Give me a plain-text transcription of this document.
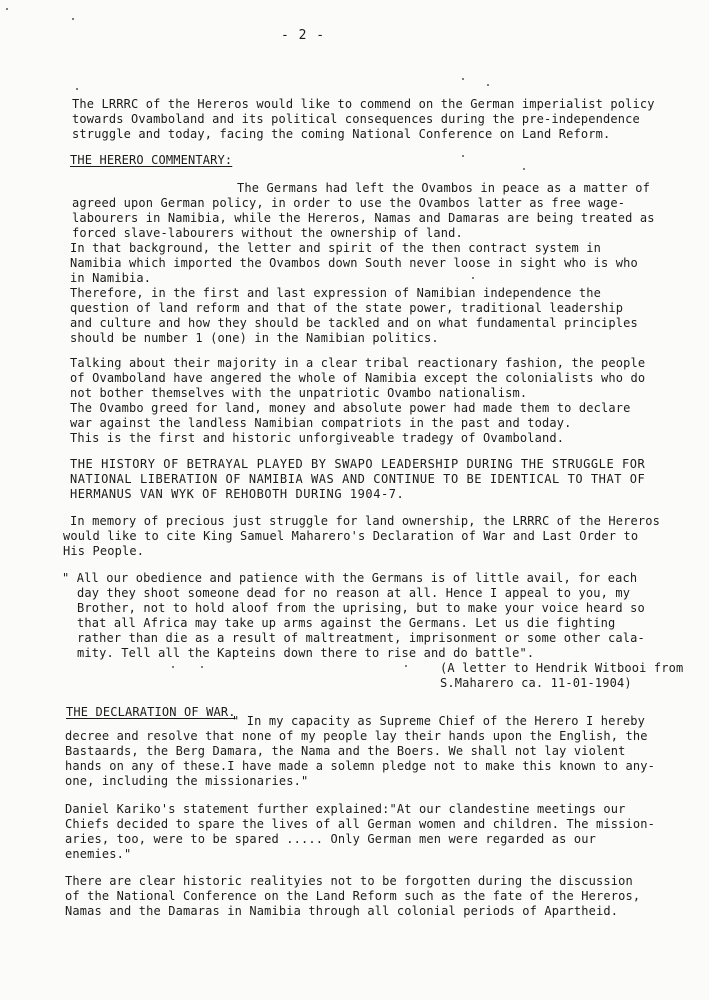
- 2 -
The LRRRC of the Hereros would like to commend on the German imperialist policy
towards Ovamboland and its political consequences during the pre-independence
struggle and today, facing the coming National Conference on Land Reform.
THE HERERO COMMENTARY:
The Germans had left the Ovambos in peace as a matter of
agreed upon German policy, in order to use the Ovambos latter as free wage-
labourers in Namibia, while the Hereros, Namas and Damaras are being treated as
forced slave-labourers without the ownership of land.
In that background, the letter and spirit of the then contract system in
Namibia which imported the Ovambos down South never loose in sight who is who
in Namibia.
Therefore, in the first and last expression of Namibian independence the
question of land reform and that of the state power, traditional leadership
and culture and how they should be tackled and on what fundamental principles
should be number 1 (one) in the Namibian politics.
Talking about their majority in a clear tribal reactionary fashion, the people
of Ovamboland have angered the whole of Namibia except the colonialists who do
not bother themselves with the unpatriotic Ovambo nationalism.
The Ovambo greed for land, money and absolute power had made them to declare
war against the landless Namibian compatriots in the past and today.
This is the first and historic unforgiveable tradegy of Ovamboland.
THE HISTORY OF BETRAYAL PLAYED BY SWAPO LEADERSHIP DURING THE STRUGGLE FOR
NATIONAL LIBERATION OF NAMIBIA WAS AND CONTINUE TO BE IDENTICAL TO THAT OF
HERMANUS VAN WYK OF REHOBOTH DURING 1904-7.
In memory of precious just struggle for land ownership, the LRRRC of the Hereros
would like to cite King Samuel Maharero's Declaration of War and Last Order to
His People.
" All our obedience and patience with the Germans is of little avail, for each
day they shoot someone dead for no reason at all. Hence I appeal to you, my
Brother, not to hold aloof from the uprising, but to make your voice heard so
that all Africa may take up arms against the Germans. Let us die fighting
rather than die as a result of maltreatment, imprisonment or some other cala-
mity. Tell all the Kapteins down there to rise and do battle".
(A letter to Hendrik Witbooi from
S.Maharero ca. 11-01-1904)
THE DECLARATION OF WAR.
" In my capacity as Supreme Chief of the Herero I hereby
decree and resolve that none of my people lay their hands upon the English, the
Bastaards, the Berg Damara, the Nama and the Boers. We shall not lay violent
hands on any of these.I have made a solemn pledge not to make this known to any-
one, including the missionaries."
Daniel Kariko's statement further explained:"At our clandestine meetings our
Chiefs decided to spare the lives of all German women and children. The mission-
aries, too, were to be spared ..... Only German men were regarded as our
enemies."
There are clear historic realityies not to be forgotten during the discussion
of the National Conference on the Land Reform such as the fate of the Hereros,
Namas and the Damaras in Namibia through all colonial periods of Apartheid.
